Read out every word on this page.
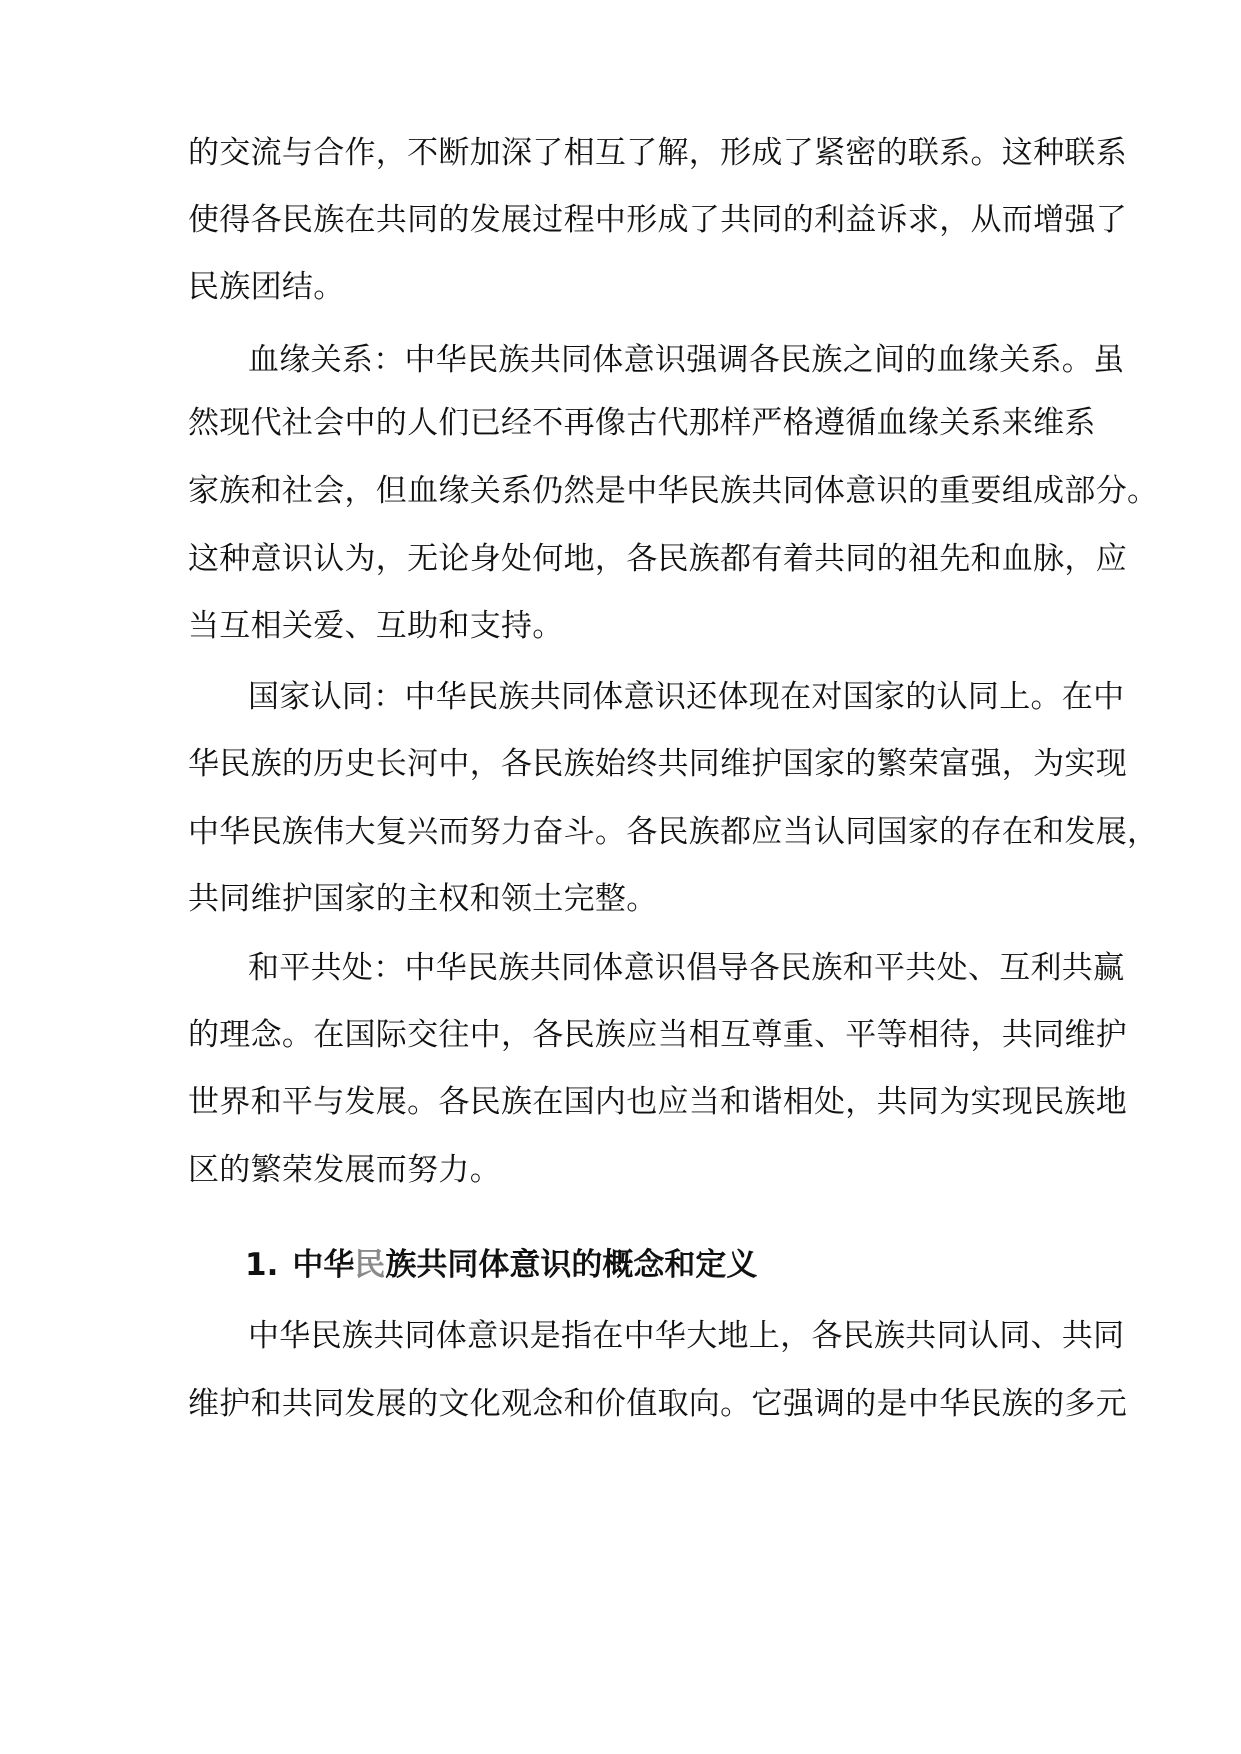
的交流与合作，不断加深了相互了解，形成了紧密的联系。这种联系
使得各民族在共同的发展过程中形成了共同的利益诉求，从而增强了
民族团结。
血缘关系：中华民族共同体意识强调各民族之间的血缘关系。虽
然现代社会中的人们已经不再像古代那样严格遵循血缘关系来维系
家族和社会，但血缘关系仍然是中华民族共同体意识的重要组成部分。
这种意识认为，无论身处何地，各民族都有着共同的祖先和血脉，应
当互相关爱、互助和支持。
国家认同：中华民族共同体意识还体现在对国家的认同上。在中
华民族的历史长河中，各民族始终共同维护国家的繁荣富强，为实现
中华民族伟大复兴而努力奋斗。各民族都应当认同国家的存在和发展，
共同维护国家的主权和领土完整。
和平共处：中华民族共同体意识倡导各民族和平共处、互利共赢
的理念。在国际交往中，各民族应当相互尊重、平等相待，共同维护
世界和平与发展。各民族在国内也应当和谐相处，共同为实现民族地
区的繁荣发展而努力。
1. 中华民族共同体意识的概念和定义
中华民族共同体意识是指在中华大地上，各民族共同认同、共同
维护和共同发展的文化观念和价值取向。它强调的是中华民族的多元
